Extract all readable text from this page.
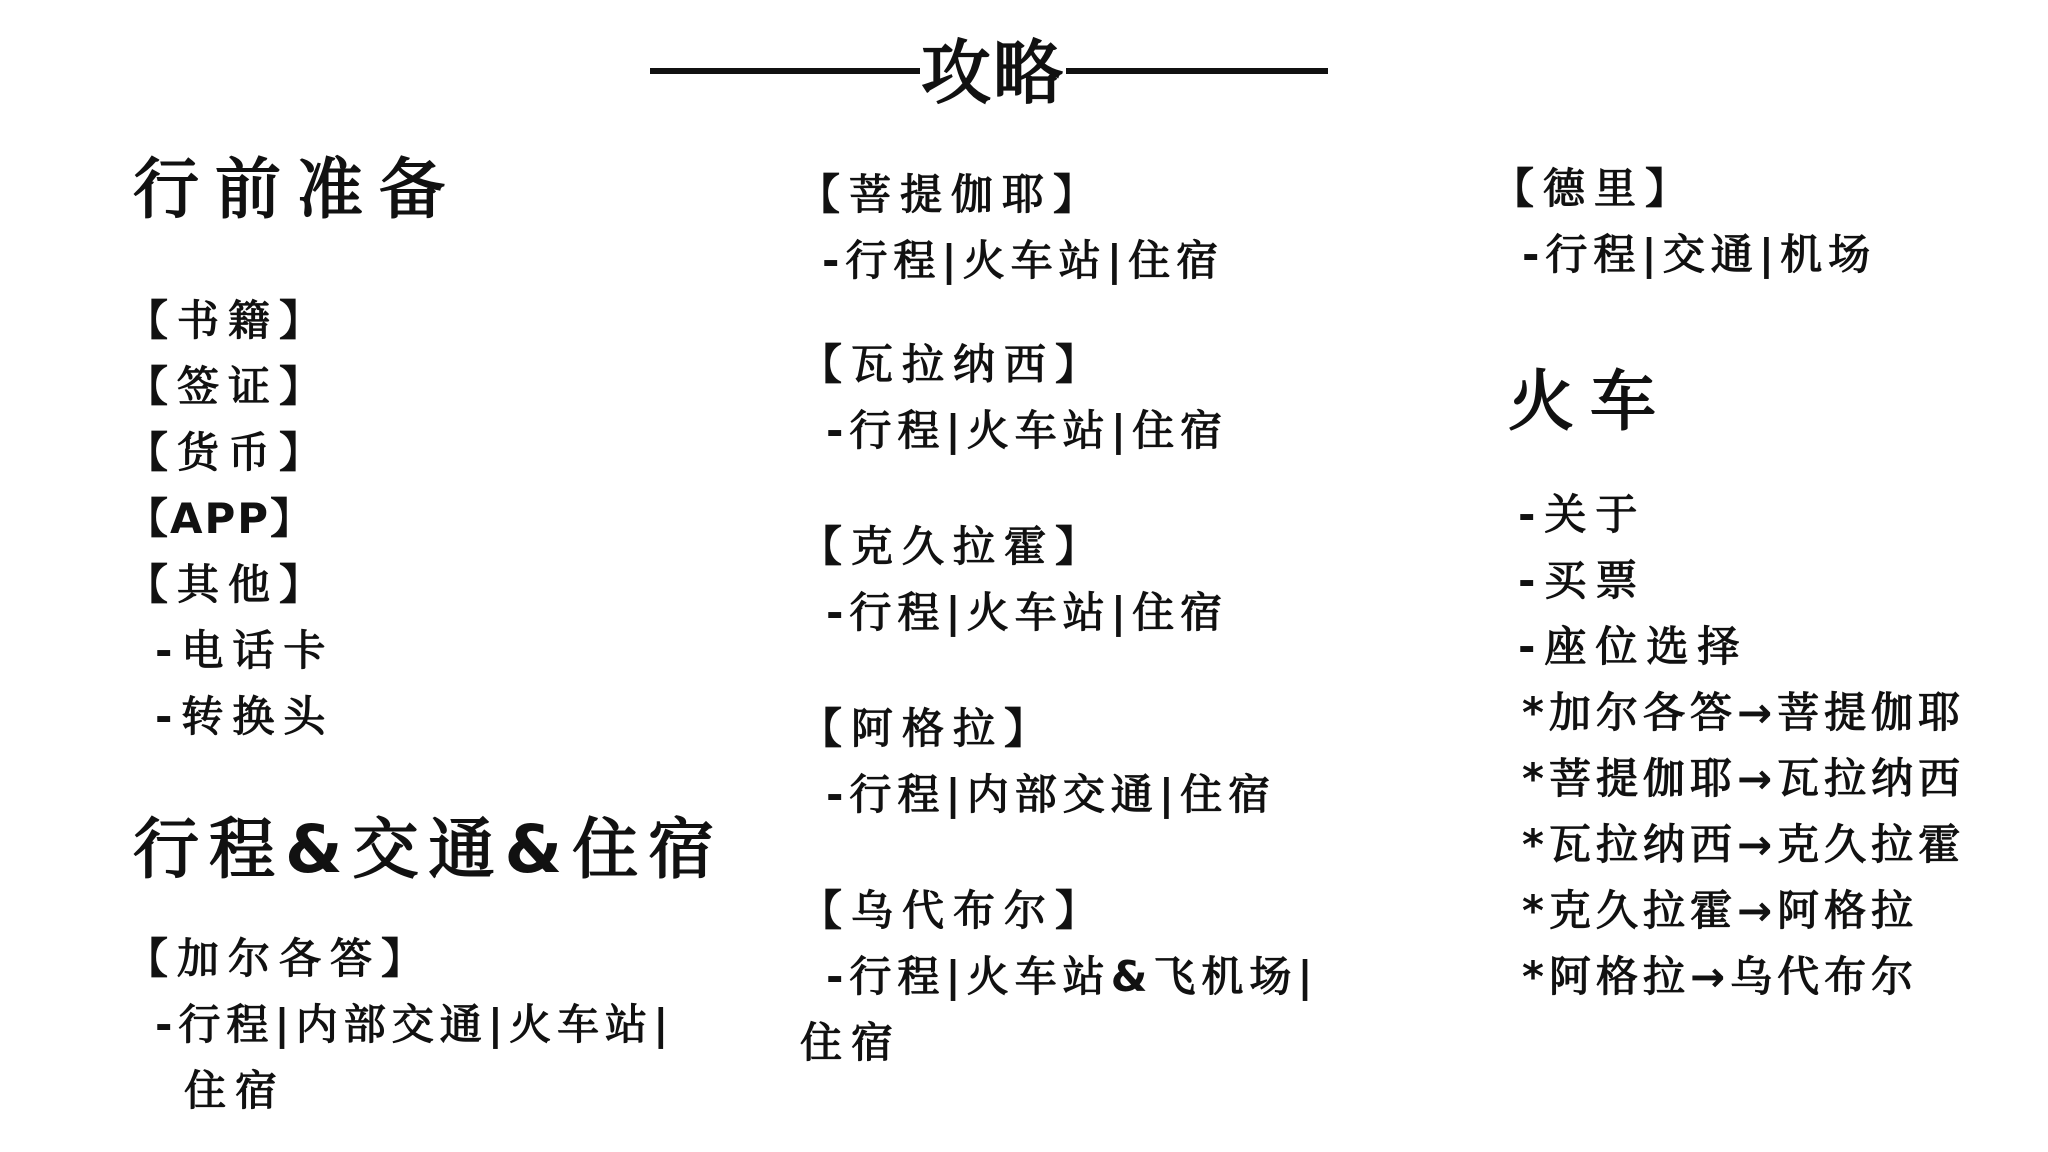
攻略
行前准备
【书籍】
【签证】
【货币】
【APP】
【其他】
-电话卡
-转换头
行程&交通&住宿
【加尔各答】
-行程|内部交通|火车站|
住宿
【菩提伽耶】
-行程|火车站|住宿
【瓦拉纳西】
-行程|火车站|住宿
【克久拉霍】
-行程|火车站|住宿
【阿格拉】
-行程|内部交通|住宿
【乌代布尔】
-行程|火车站&飞机场|
住宿
【德里】
-行程|交通|机场
火车
-关于
-买票
-座位选择
*加尔各答→菩提伽耶
*菩提伽耶→瓦拉纳西
*瓦拉纳西→克久拉霍
*克久拉霍→阿格拉
*阿格拉→乌代布尔
